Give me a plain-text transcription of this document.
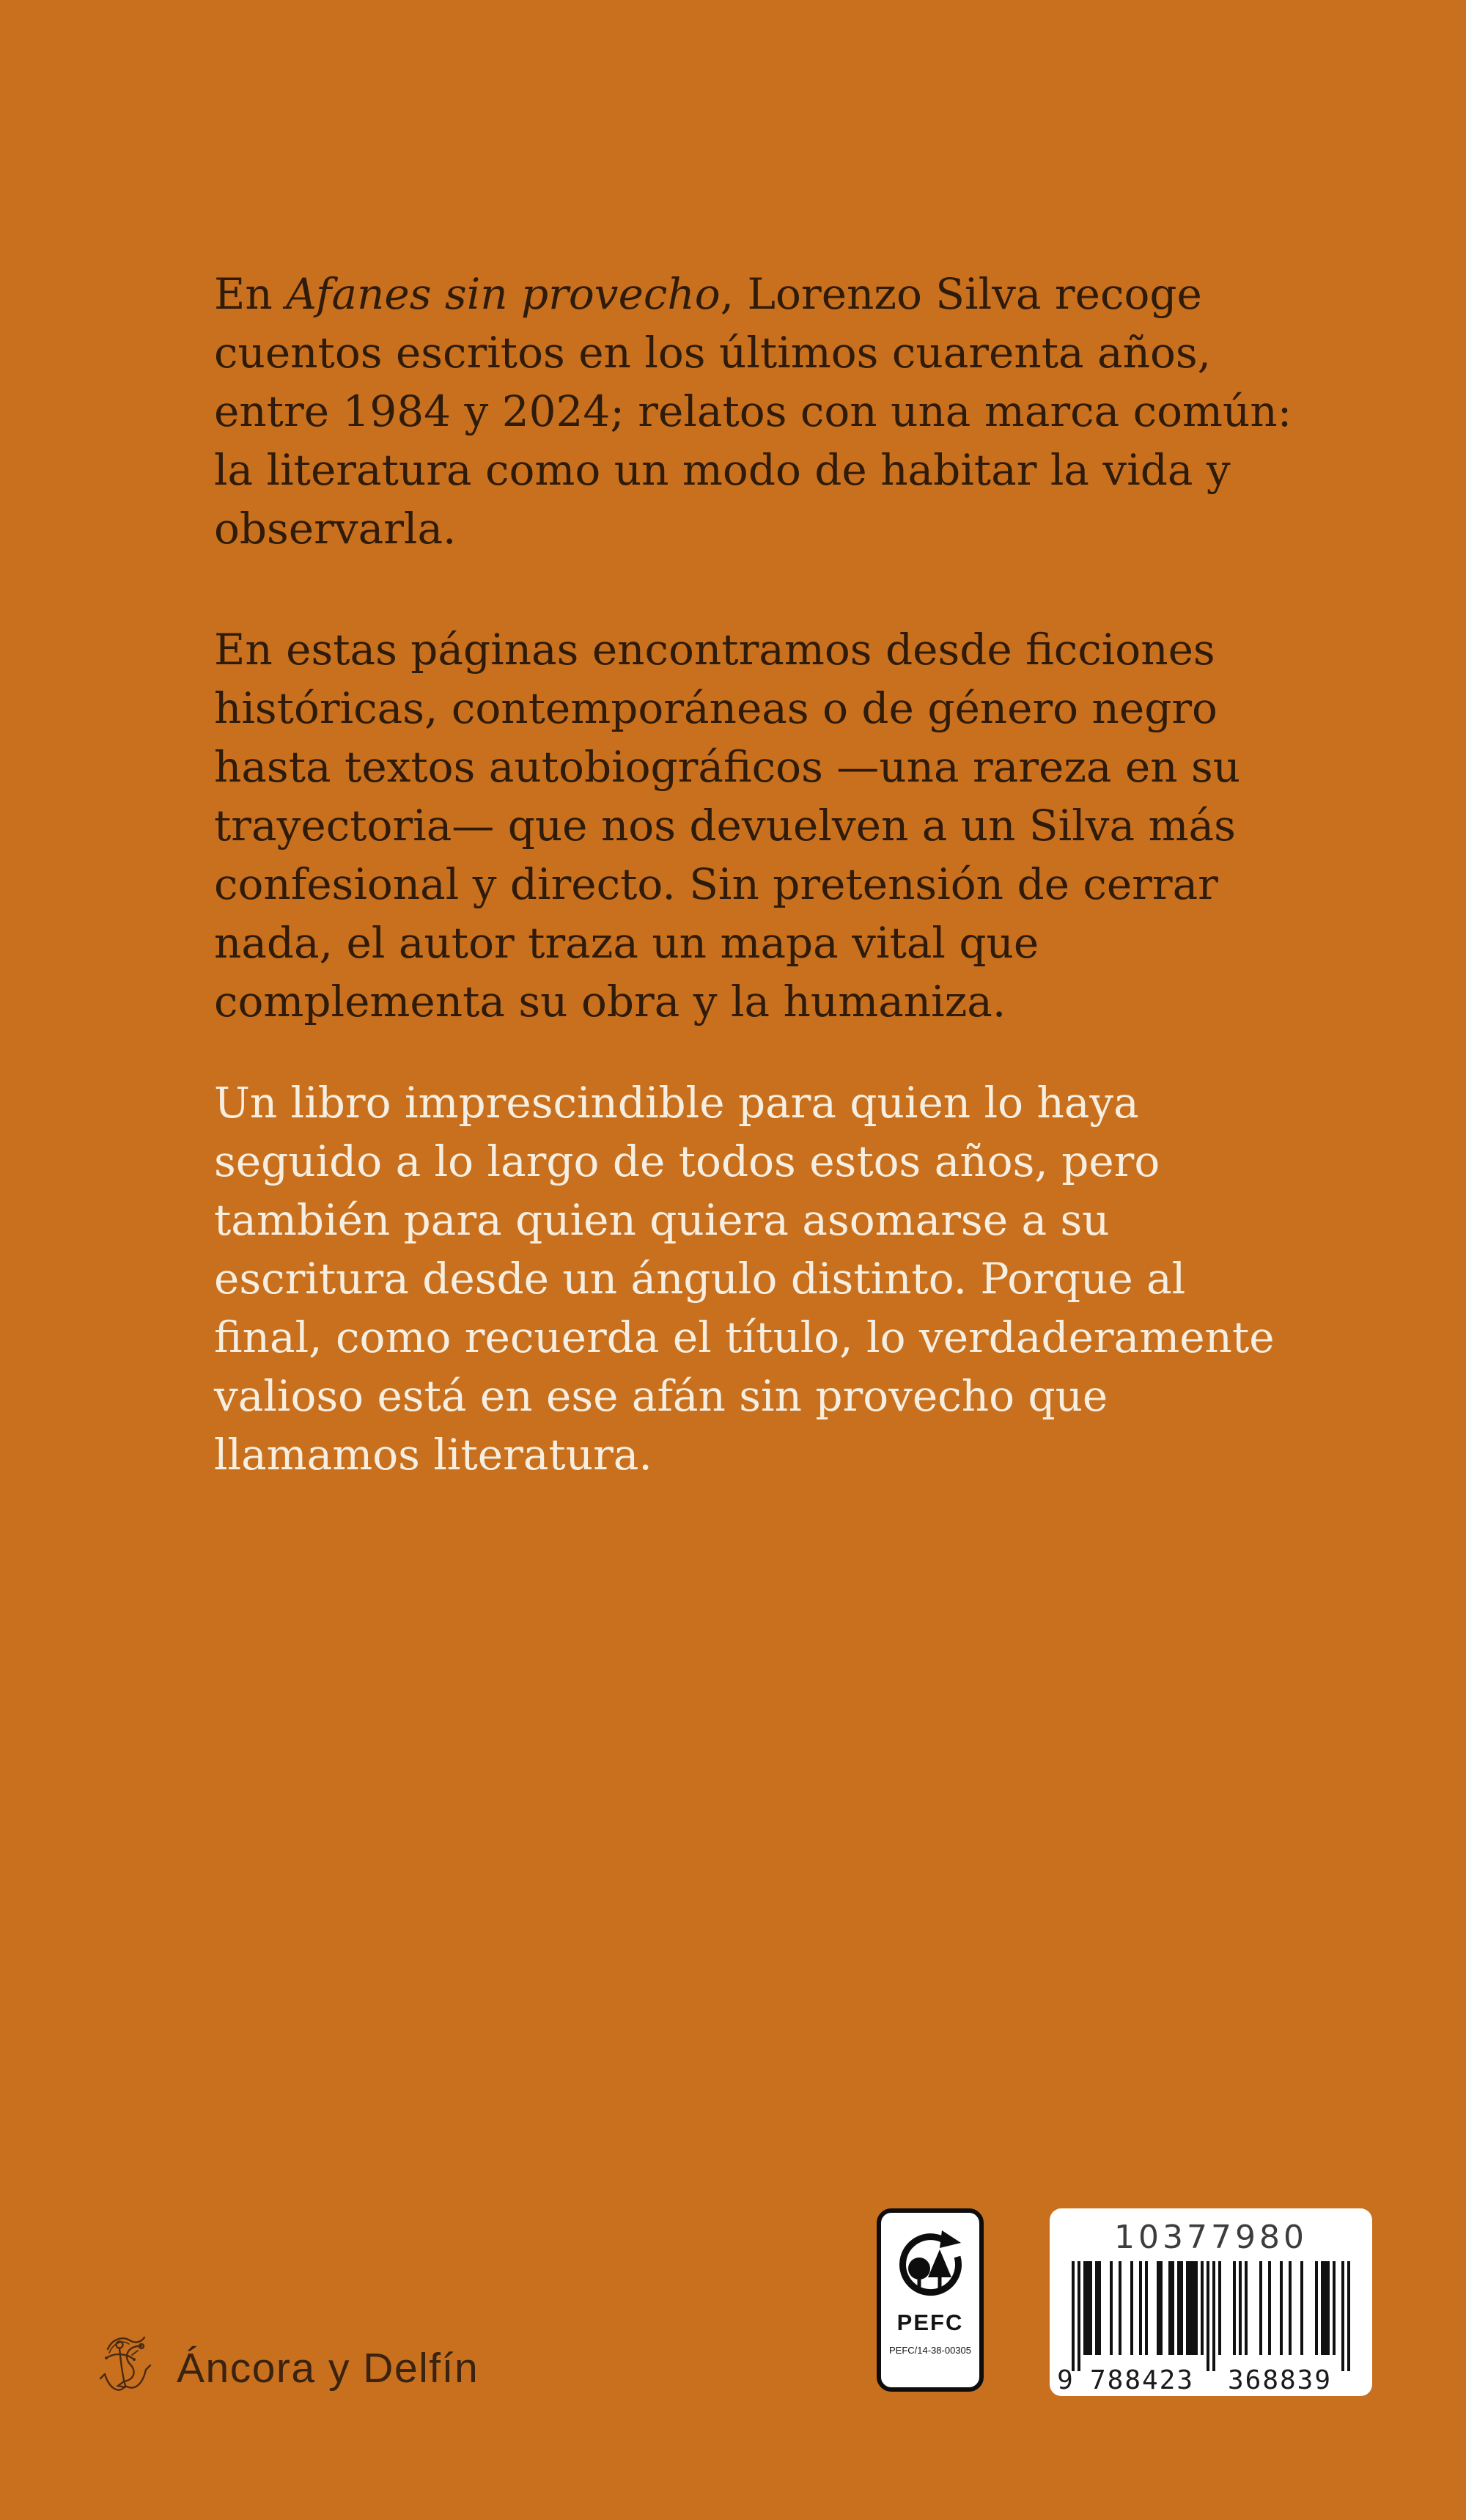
En Afanes sin provecho, Lorenzo Silva recoge
cuentos escritos en los últimos cuarenta años,
entre 1984 y 2024; relatos con una marca común:
la literatura como un modo de habitar la vida y
observarla.
En estas páginas encontramos desde ficciones
históricas, contemporáneas o de género negro
hasta textos autobiográficos —una rareza en su
trayectoria— que nos devuelven a un Silva más
confesional y directo. Sin pretensión de cerrar
nada, el autor traza un mapa vital que
complementa su obra y la humaniza.
Un libro imprescindible para quien lo haya
seguido a lo largo de todos estos años, pero
también para quien quiera asomarse a su
escritura desde un ángulo distinto. Porque al
final, como recuerda el título, lo verdaderamente
valioso está en ese afán sin provecho que
llamamos literatura.
Áncora y Delfín
PEFC
PEFC/14-38-00305
10377980
9 788423	368839
